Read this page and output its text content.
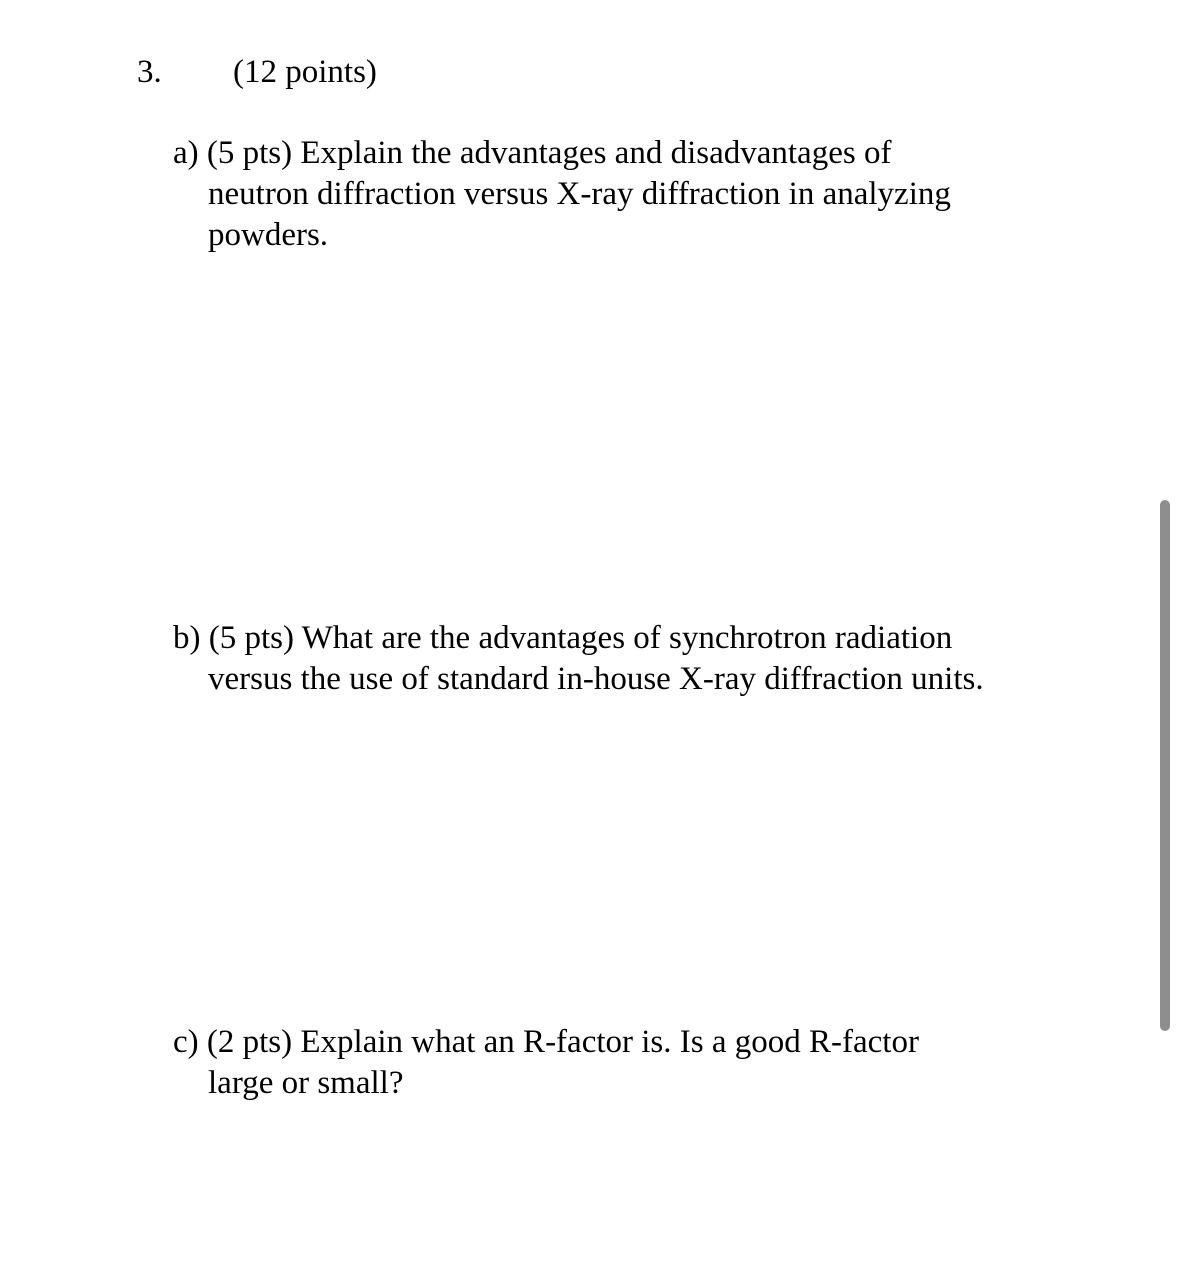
3. (12 points)
a) (5 pts) Explain the advantages and disadvantages of
neutron diffraction versus X-ray diffraction in analyzing
powders.
b) (5 pts) What are the advantages of synchrotron radiation
versus the use of standard in-house X-ray diffraction units.
c) (2 pts) Explain what an R-factor is. Is a good R-factor
large or small?
